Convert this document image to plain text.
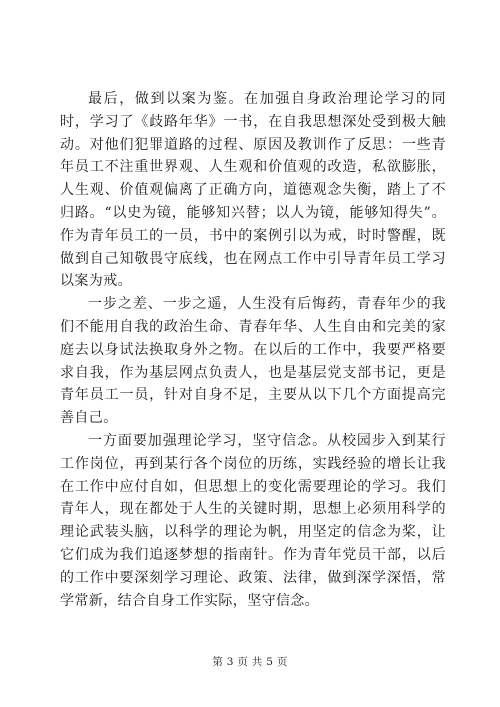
最后，做到以案为鉴。在加强自身政治理论学习的同时，学习了《歧路年华》一书，在自我思想深处受到极大触动。对他们犯罪道路的过程、原因及教训作了反思：一些青年员工不注重世界观、人生观和价值观的改造，私欲膨胀，人生观、价值观偏离了正确方向，道德观念失衡，踏上了不归路。“以史为镜，能够知兴替；以人为镜，能够知得失”。作为青年员工的一员，书中的案例引以为戒，时时警醒，既做到自己知敬畏守底线，也在网点工作中引导青年员工学习以案为戒。

一步之差、一步之遥，人生没有后悔药，青春年少的我们不能用自我的政治生命、青春年华、人生自由和完美的家庭去以身试法换取身外之物。在以后的工作中，我要严格要求自我，作为基层网点负责人，也是基层党支部书记，更是青年员工一员，针对自身不足，主要从以下几个方面提高完善自己。

一方面要加强理论学习，坚守信念。从校园步入到某行工作岗位，再到某行各个岗位的历练，实践经验的增长让我在工作中应付自如，但思想上的变化需要理论的学习。我们青年人，现在都处于人生的关键时期，思想上必须用科学的理论武装头脑，以科学的理论为帆，用坚定的信念为桨，让它们成为我们追逐梦想的指南针。作为青年党员干部，以后的工作中要深刻学习理论、政策、法律，做到深学深悟，常学常新，结合自身工作实际，坚守信念。

第 3 页 共 5 页
